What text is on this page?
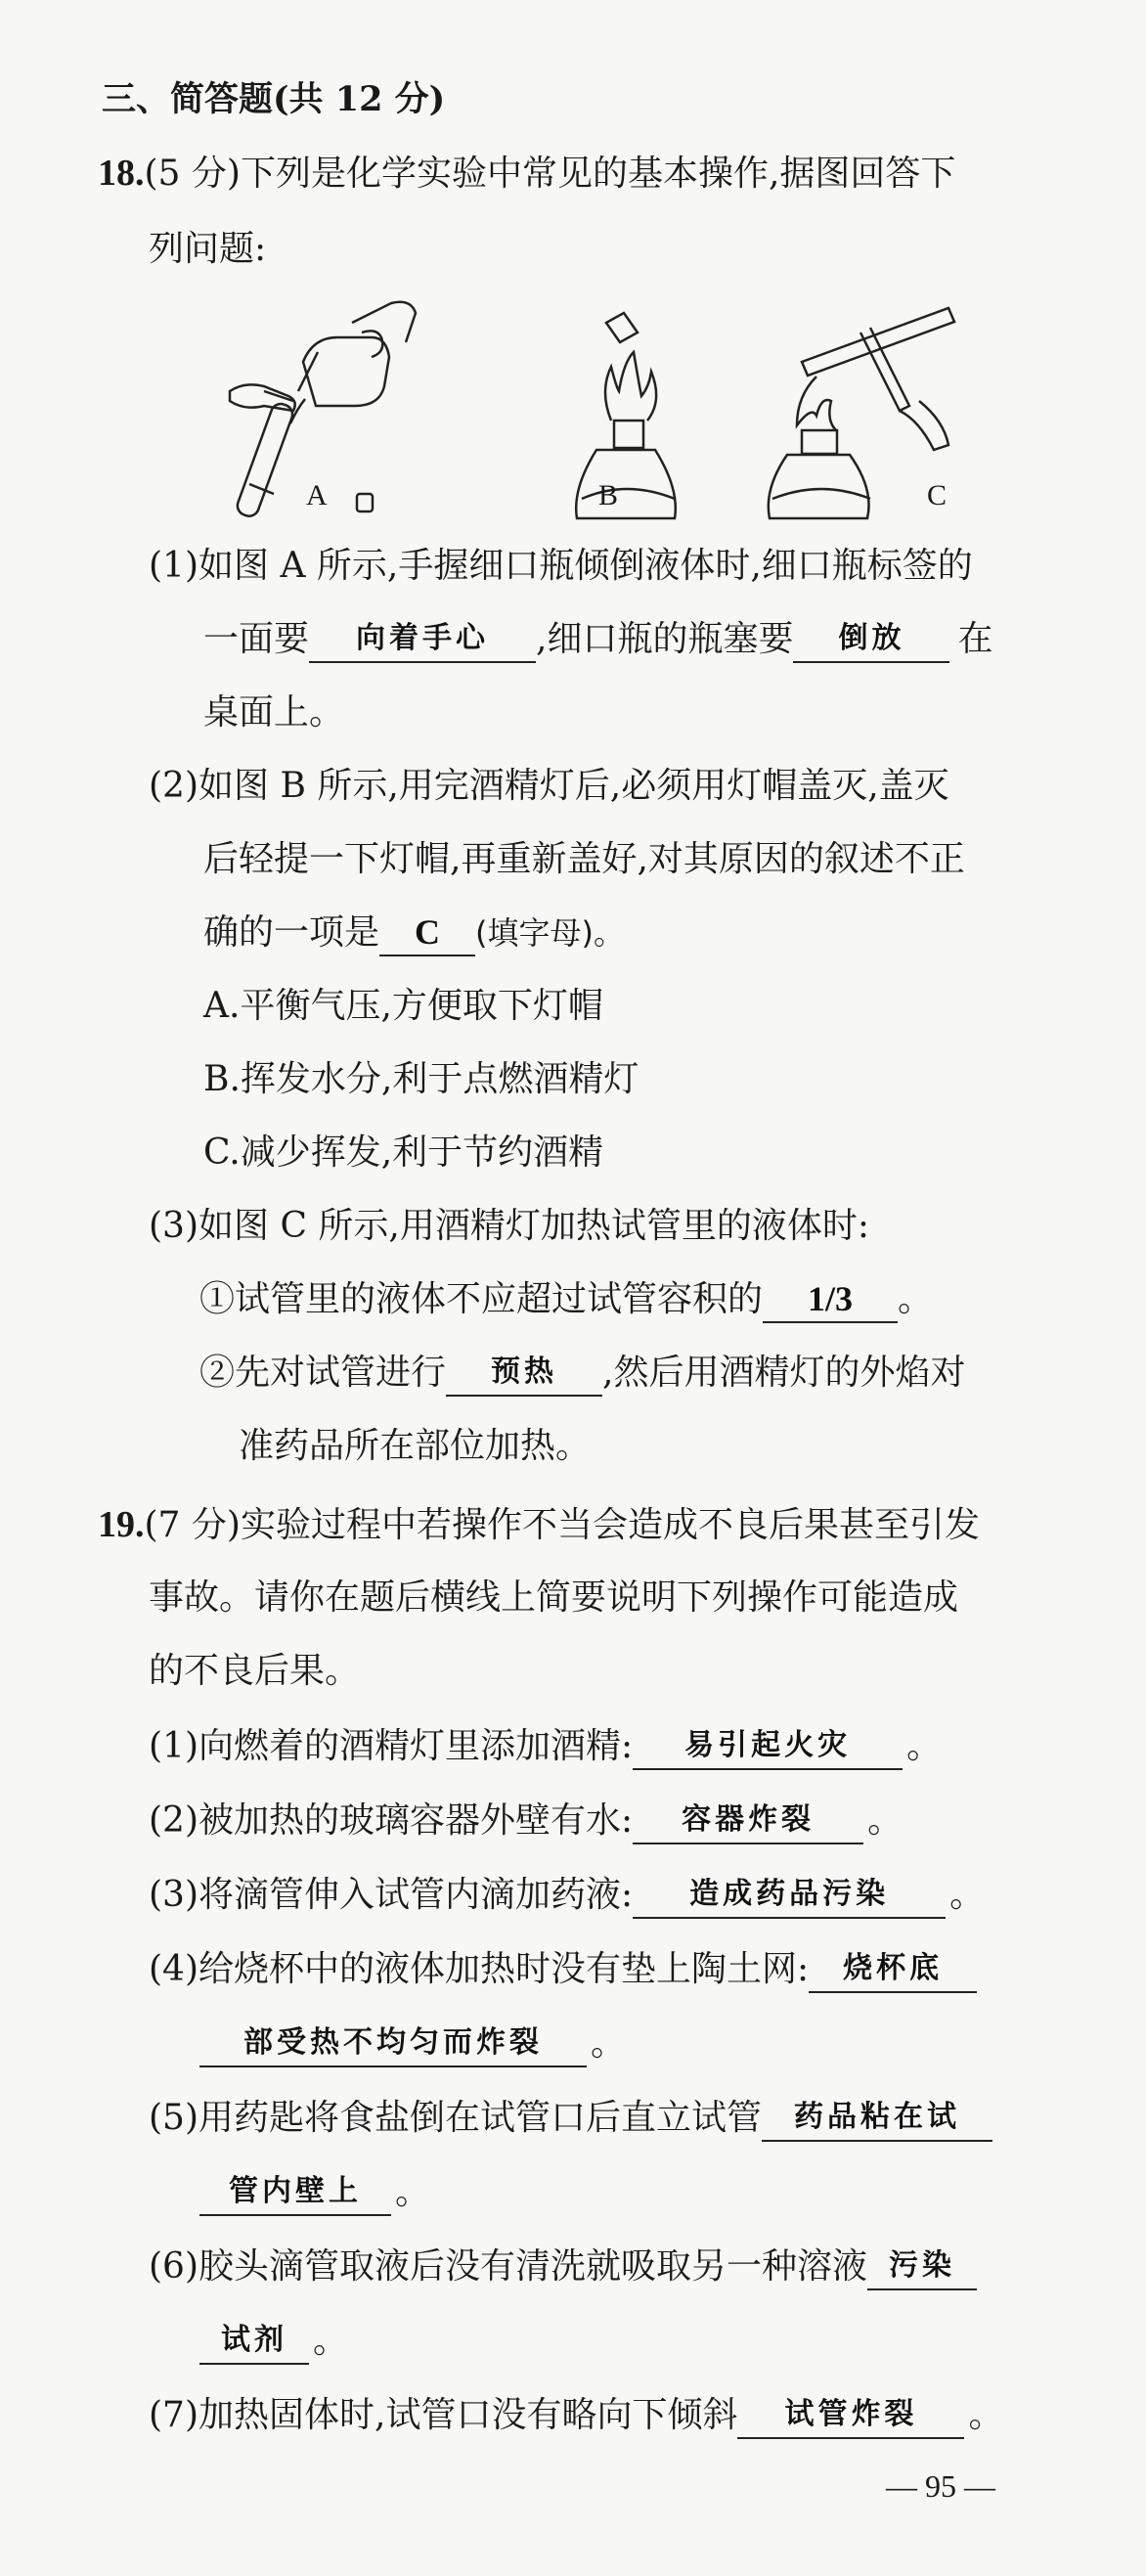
三、简答题(共 12 分)
18.(5 分)下列是化学实验中常见的基本操作,据图回答下
列问题:
A	B	C
(1)如图 A 所示,手握细口瓶倾倒液体时,细口瓶标签的
一面要 向着手心 ,细口瓶的瓶塞要 倒放 在
桌面上。
(2)如图 B 所示,用完酒精灯后,必须用灯帽盖灭,盖灭
后轻提一下灯帽,再重新盖好,对其原因的叙述不正
确的一项是 C (填字母)。
A.平衡气压,方便取下灯帽
B.挥发水分,利于点燃酒精灯
C.减少挥发,利于节约酒精
(3)如图 C 所示,用酒精灯加热试管里的液体时:
①试管里的液体不应超过试管容积的 1/3 。
②先对试管进行 预热 ,然后用酒精灯的外焰对
准药品所在部位加热。
19.(7 分)实验过程中若操作不当会造成不良后果甚至引发
事故。请你在题后横线上简要说明下列操作可能造成
的不良后果。
(1)向燃着的酒精灯里添加酒精: 易引起火灾 。
(2)被加热的玻璃容器外壁有水: 容器炸裂 。
(3)将滴管伸入试管内滴加药液: 造成药品污染 。
(4)给烧杯中的液体加热时没有垫上陶土网: 烧杯底
部受热不均匀而炸裂 。
(5)用药匙将食盐倒在试管口后直立试管 药品粘在试
管内壁上 。
(6)胶头滴管取液后没有清洗就吸取另一种溶液 污染
试剂 。
(7)加热固体时,试管口没有略向下倾斜 试管炸裂 。
— 95 —
